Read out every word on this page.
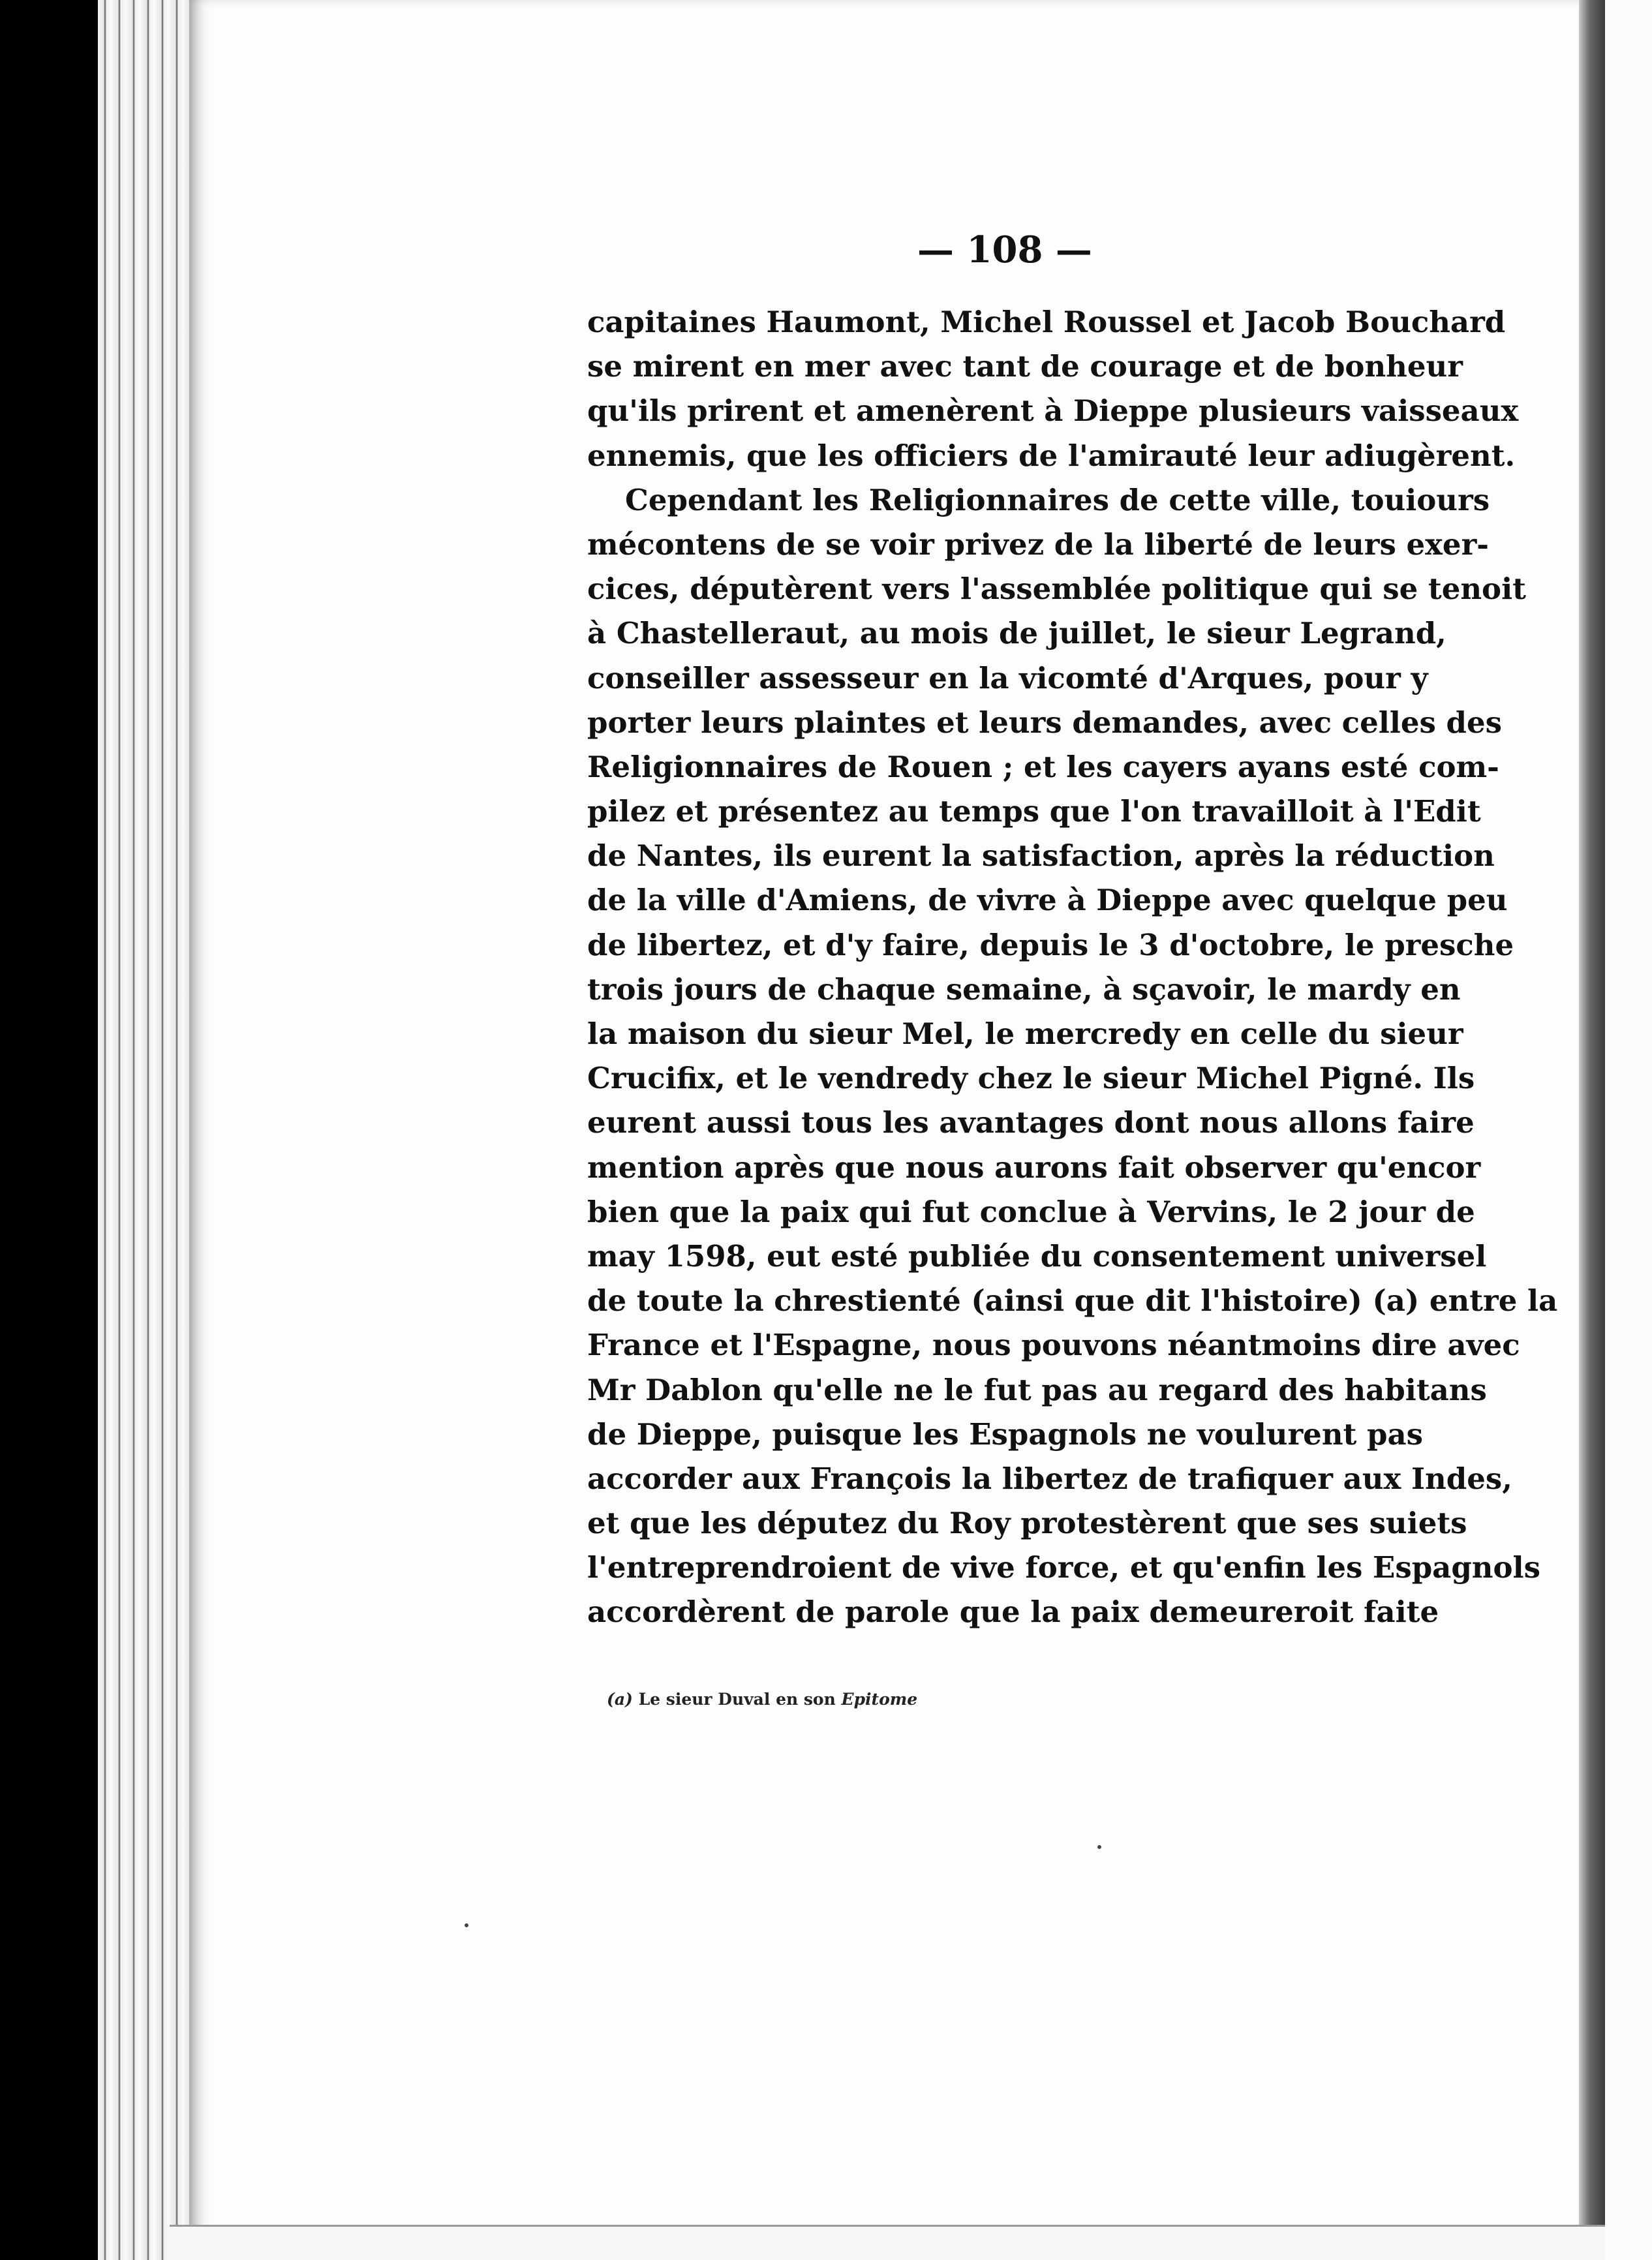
— 108 —

capitaines Haumont, Michel Roussel et Jacob Bouchard
se mirent en mer avec tant de courage et de bonheur
qu'ils prirent et amenèrent à Dieppe plusieurs vaisseaux
ennemis, que les officiers de l'amirauté leur adiugèrent.
Cependant les Religionnaires de cette ville, touiours
mécontens de se voir privez de la liberté de leurs exer-
cices, députèrent vers l'assemblée politique qui se tenoit
à Chastelleraut, au mois de juillet, le sieur Legrand,
conseiller assesseur en la vicomté d'Arques, pour y
porter leurs plaintes et leurs demandes, avec celles des
Religionnaires de Rouen ; et les cayers ayans esté com-
pilez et présentez au temps que l'on travailloit à l'Edit
de Nantes, ils eurent la satisfaction, après la réduction
de la ville d'Amiens, de vivre à Dieppe avec quelque peu
de libertez, et d'y faire, depuis le 3 d'octobre, le presche
trois jours de chaque semaine, à sçavoir, le mardy en
la maison du sieur Mel, le mercredy en celle du sieur
Crucifix, et le vendredy chez le sieur Michel Pigné. Ils
eurent aussi tous les avantages dont nous allons faire
mention après que nous aurons fait observer qu'encor
bien que la paix qui fut conclue à Vervins, le 2 jour de
may 1598, eut esté publiée du consentement universel
de toute la chrestienté (ainsi que dit l'histoire) (a) entre la
France et l'Espagne, nous pouvons néantmoins dire avec
Mr Dablon qu'elle ne le fut pas au regard des habitans
de Dieppe, puisque les Espagnols ne voulurent pas
accorder aux François la libertez de trafiquer aux Indes,
et que les députez du Roy protestèrent que ses suiets
l'entreprendroient de vive force, et qu'enfin les Espagnols
accordèrent de parole que la paix demeureroit faite

(a) Le sieur Duval en son Epitome
